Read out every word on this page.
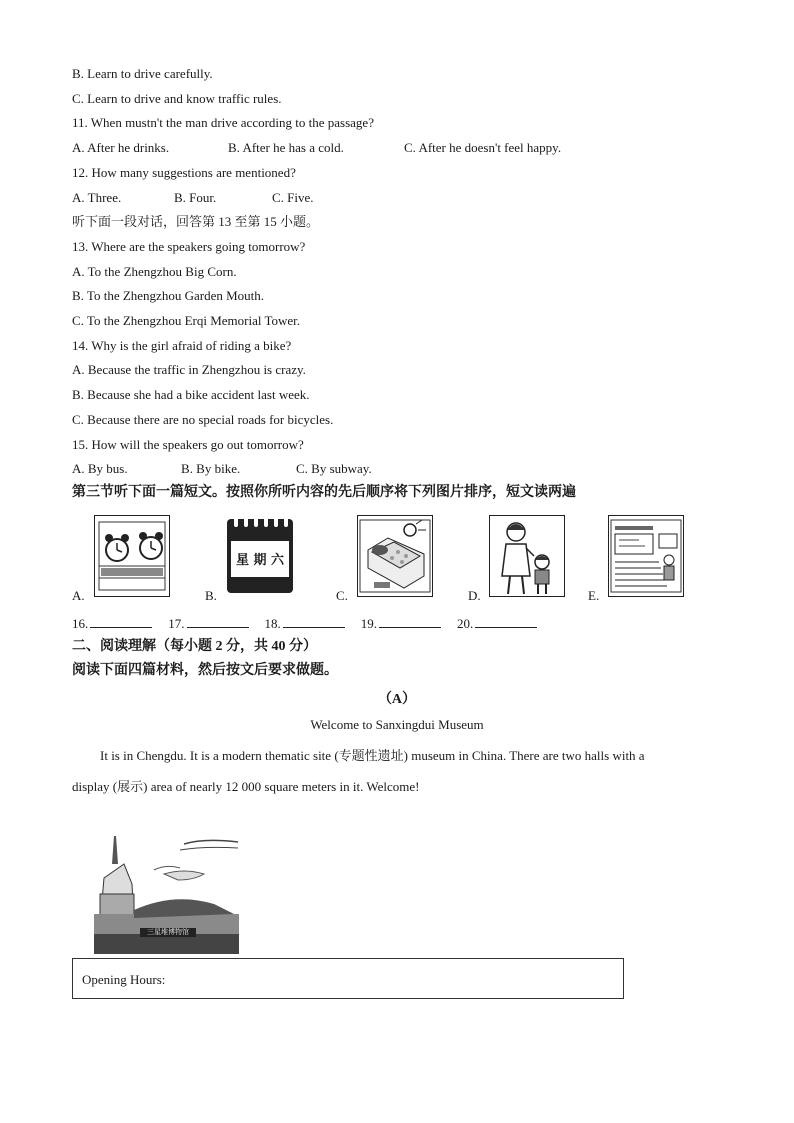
B. Learn to drive carefully.
C. Learn to drive and know traffic rules.
11. When mustn't the man drive according to the passage?
A. After he drinks.	B. After he has a cold.	C. After he doesn't feel happy.
12. How many suggestions are mentioned?
A. Three.	B. Four.	C. Five.
听下面一段对话，回答第 13 至第 15 小题。
13. Where are the speakers going tomorrow?
A. To the Zhengzhou Big Corn.
B. To the Zhengzhou Garden Mouth.
C. To the Zhengzhou Erqi Memorial Tower.
14. Why is the girl afraid of riding a bike?
A. Because the traffic in Zhengzhou is crazy.
B. Because she had a bike accident last week.
C. Because there are no special roads for bicycles.
15. How will the speakers go out tomorrow?
A. By bus.	B. By bike.	C. By subway.
第三节听下面一篇短文。按照你所听内容的先后顺序将下列图片排序，短文读两遍
星 期 六
A.	B.	C.	D.	E.
16.	17.	18.	19.	20.
二、阅读理解（每小题 2 分，共 40 分）
阅读下面四篇材料，然后按文后要求做题。
（A）
Welcome to Sanxingdui Museum
It is in Chengdu. It is a modern thematic site (专题性遗址) museum in China. There are two halls with a
display (展示) area of nearly 12 000 square meters in it. Welcome!
三星堆博物馆
Opening Hours:
